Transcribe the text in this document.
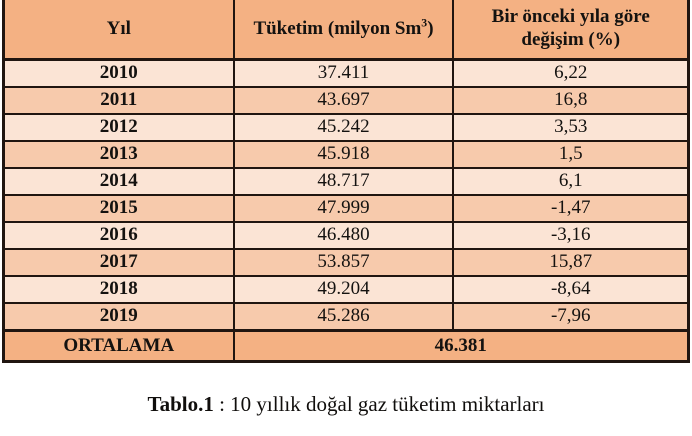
Yıl	Tüketim (milyon Sm$^3$)	Bir önceki yıla göre değişim (%)
2010	37.411	6,22
2011	43.697	16,8
2012	45.242	3,53
2013	45.918	1,5
2014	48.717	6,1
2015	47.999	-1,47
2016	46.480	-3,16
2017	53.857	15,87
2018	49.204	-8,64
2019	45.286	-7,96
ORTALAMA	46.381	
Tablo.1 : 10 yıllık doğal gaz tüketim miktarları
